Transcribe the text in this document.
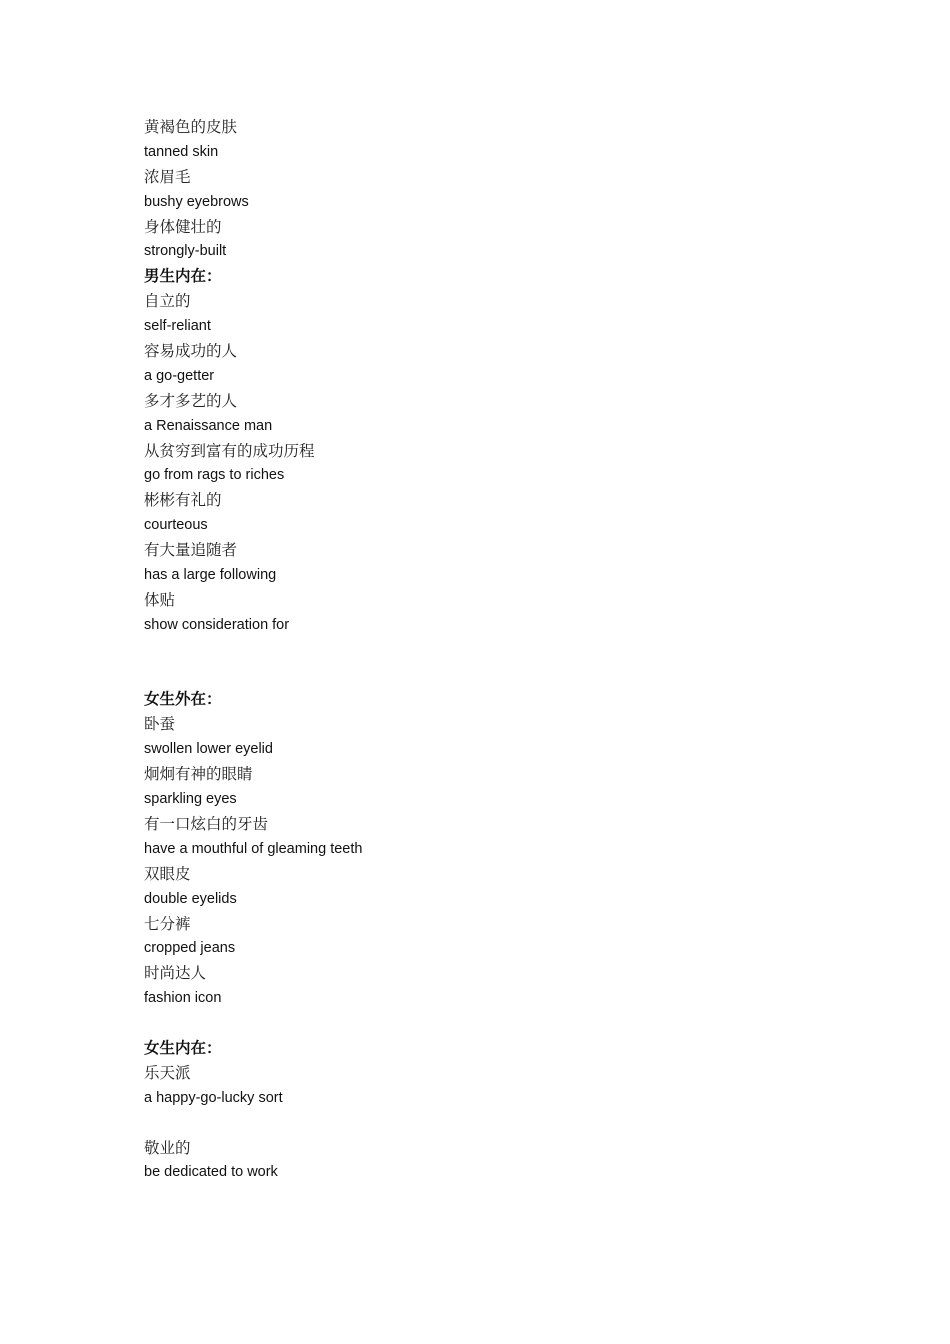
黄褐色的皮肤
tanned skin
浓眉毛
bushy eyebrows
身体健壮的
strongly-built
男生内在：
自立的
self-reliant
容易成功的人
a go-getter
多才多艺的人
a Renaissance man
从贫穷到富有的成功历程
go from rags to riches
彬彬有礼的
courteous
有大量追随者
has a large following
体贴
show consideration for
女生外在：
卧蚕
swollen lower eyelid
炯炯有神的眼睛
sparkling eyes
有一口炫白的牙齿
have a mouthful of gleaming teeth
双眼皮
double eyelids
七分裤
cropped jeans
时尚达人
fashion icon
女生内在：
乐天派
a happy-go-lucky sort
敬业的
be dedicated to work
